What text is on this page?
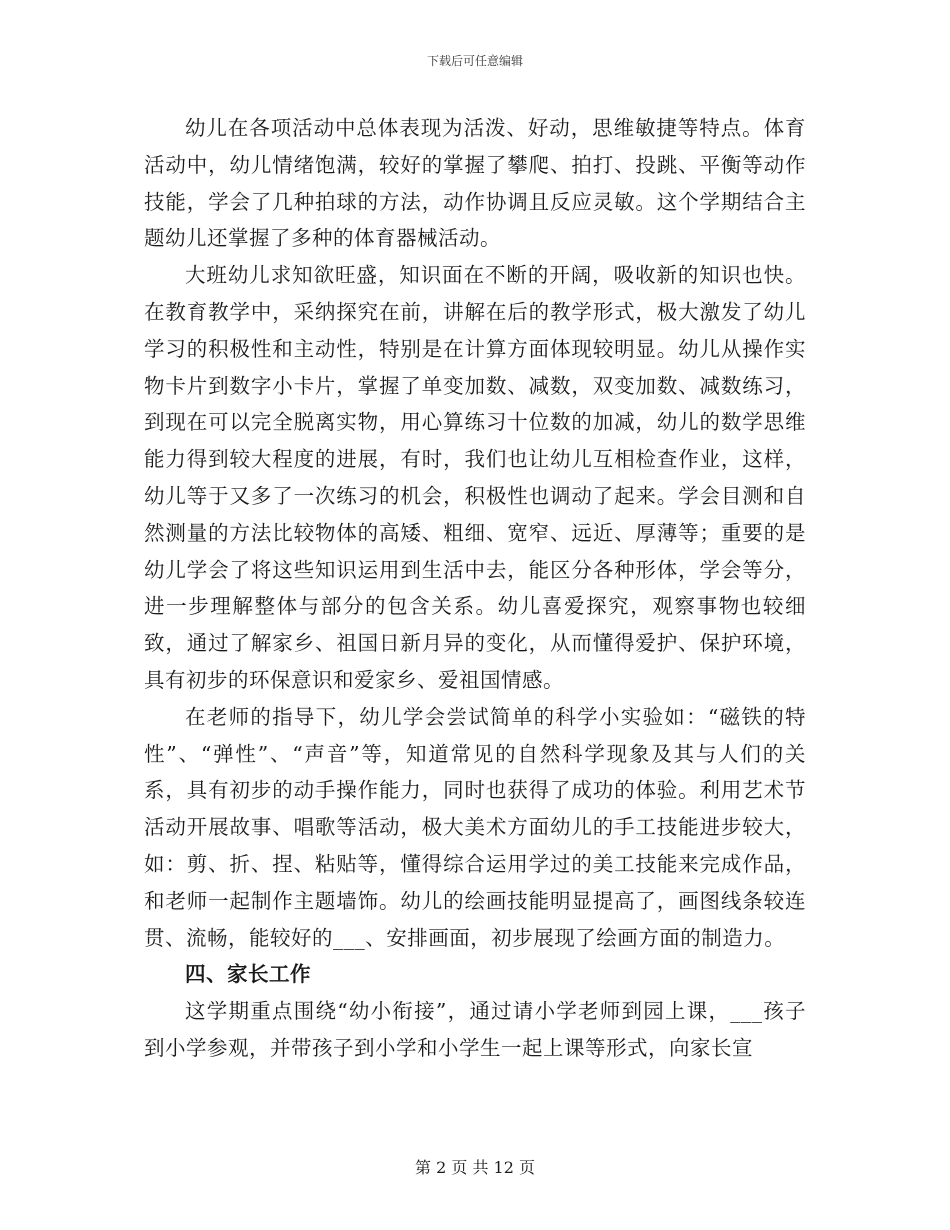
下载后可任意编辑

幼儿在各项活动中总体表现为活泼、好动，思维敏捷等特点。体育活动中，幼儿情绪饱满，较好的掌握了攀爬、拍打、投跳、平衡等动作技能，学会了几种拍球的方法，动作协调且反应灵敏。这个学期结合主题幼儿还掌握了多种的体育器械活动。

大班幼儿求知欲旺盛，知识面在不断的开阔，吸收新的知识也快。在教育教学中，采纳探究在前，讲解在后的教学形式，极大激发了幼儿学习的积极性和主动性，特别是在计算方面体现较明显。幼儿从操作实物卡片到数字小卡片，掌握了单变加数、减数，双变加数、减数练习，到现在可以完全脱离实物，用心算练习十位数的加减，幼儿的数学思维能力得到较大程度的进展，有时，我们也让幼儿互相检查作业，这样，幼儿等于又多了一次练习的机会，积极性也调动了起来。学会目测和自然测量的方法比较物体的高矮、粗细、宽窄、远近、厚薄等；重要的是幼儿学会了将这些知识运用到生活中去，能区分各种形体，学会等分，进一步理解整体与部分的包含关系。幼儿喜爱探究，观察事物也较细致，通过了解家乡、祖国日新月异的变化，从而懂得爱护、保护环境，具有初步的环保意识和爱家乡、爱祖国情感。

在老师的指导下，幼儿学会尝试简单的科学小实验如：“磁铁的特性”、“弹性”、“声音”等，知道常见的自然科学现象及其与人们的关系，具有初步的动手操作能力，同时也获得了成功的体验。利用艺术节活动开展故事、唱歌等活动，极大美术方面幼儿的手工技能进步较大，如：剪、折、捏、粘贴等，懂得综合运用学过的美工技能来完成作品，和老师一起制作主题墙饰。幼儿的绘画技能明显提高了，画图线条较连贯、流畅，能较好的___、安排画面，初步展现了绘画方面的制造力。

四、家长工作

这学期重点围绕“幼小衔接”，通过请小学老师到园上课，___孩子到小学参观，并带孩子到小学和小学生一起上课等形式，向家长宣

第 2 页 共 12 页
